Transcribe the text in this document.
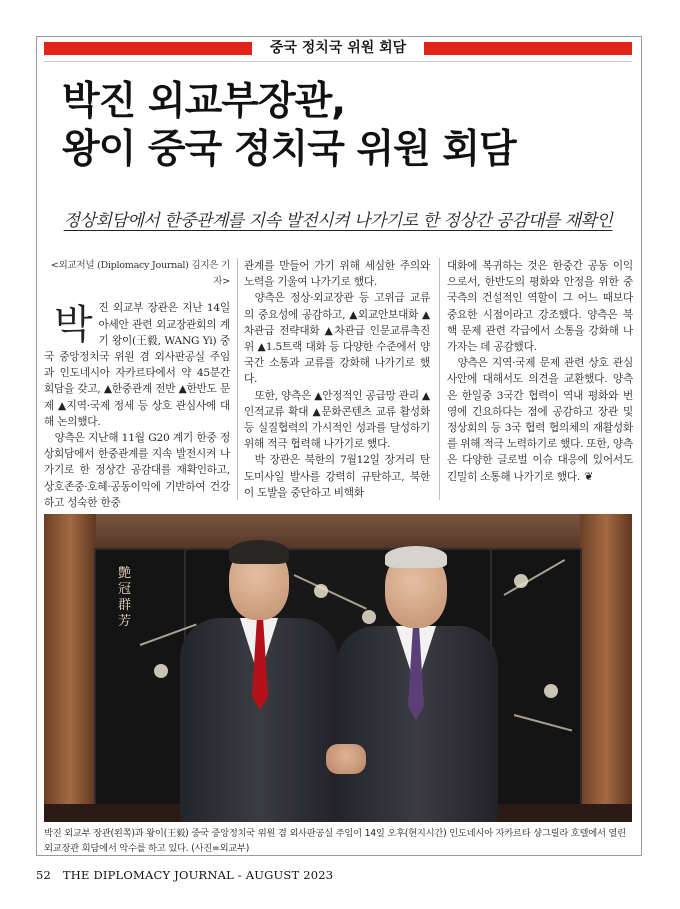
중국 정치국 위원 회담
박진 외교부장관,
왕이 중국 정치국 위원 회담
정상회담에서 한중관계를 지속 발전시켜 나가기로 한 정상간 공감대를 재확인
<외교저널 (Diplomacy Journal) 김지은 기자>

박진 외교부 장관은 지난 14일 아세안 관련 외교장관회의 계기 왕이(王毅, WANG Yi) 중국 중앙정치국 위원 겸 외사판공실 주임과 인도네시아 자카르타에서 약 45분간 회담을 갖고, ▲한중관계 전반 ▲한반도 문제 ▲지역·국제 정세 등 상호 관심사에 대해 논의했다.

양측은 지난해 11월 G20 계기 한중 정상회담에서 한중관계를 지속 발전시켜 나가기로 한 정상간 공감대를 재확인하고, 상호존중·호혜·공동이익에 기반하여 건강하고 성숙한 한중

관계를 만들어 가기 위해 세심한 주의와 노력을 기울여 나가기로 했다.

양측은 정상·외교장관 등 고위급 교류의 중요성에 공감하고, ▲외교안보대화 ▲차관급 전략대화 ▲차관급 인문교류촉진위 ▲1.5트랙 대화 등 다양한 수준에서 양국간 소통과 교류를 강화해 나가기로 했다.

또한, 양측은 ▲안정적인 공급망 관리 ▲인적교류 확대 ▲문화콘텐츠 교류 활성화 등 실질협력의 가시적인 성과를 달성하기 위해 적극 협력해 나가기로 했다.

박 장관은 북한의 7월12일 장거리 탄도미사일 발사를 강력히 규탄하고, 북한이 도발을 중단하고 비핵화

대화에 복귀하는 것은 한중간 공동 이익으로서, 한반도의 평화와 안정을 위한 중국측의 건설적인 역할이 그 어느 때보다 중요한 시점이라고 강조했다. 양측은 북핵 문제 관련 각급에서 소통을 강화해 나가자는 데 공감했다.

양측은 지역·국제 문제 관련 상호 관심사안에 대해서도 의견을 교환했다. 양측은 한일중 3국간 협력이 역내 평화와 번영에 긴요하다는 점에 공감하고 장관 및 정상회의 등 3국 협력 협의체의 재활성화를 위해 적극 노력하기로 했다. 또한, 양측은 다양한 글로벌 이슈 대응에 있어서도 긴밀히 소통해 나가기로 했다. ❦

艶冠群芳
박진 외교부 장관(왼쪽)과 왕이(王毅) 중국 중앙정치국 위원 겸 외사판공실 주임이 14일 오후(현지시간) 인도네시아 자카르타 샹그릴라 호텔에서 열린 외교장관 회담에서 악수를 하고 있다. (사진=외교부)
52 THE DIPLOMACY JOURNAL - AUGUST 2023
